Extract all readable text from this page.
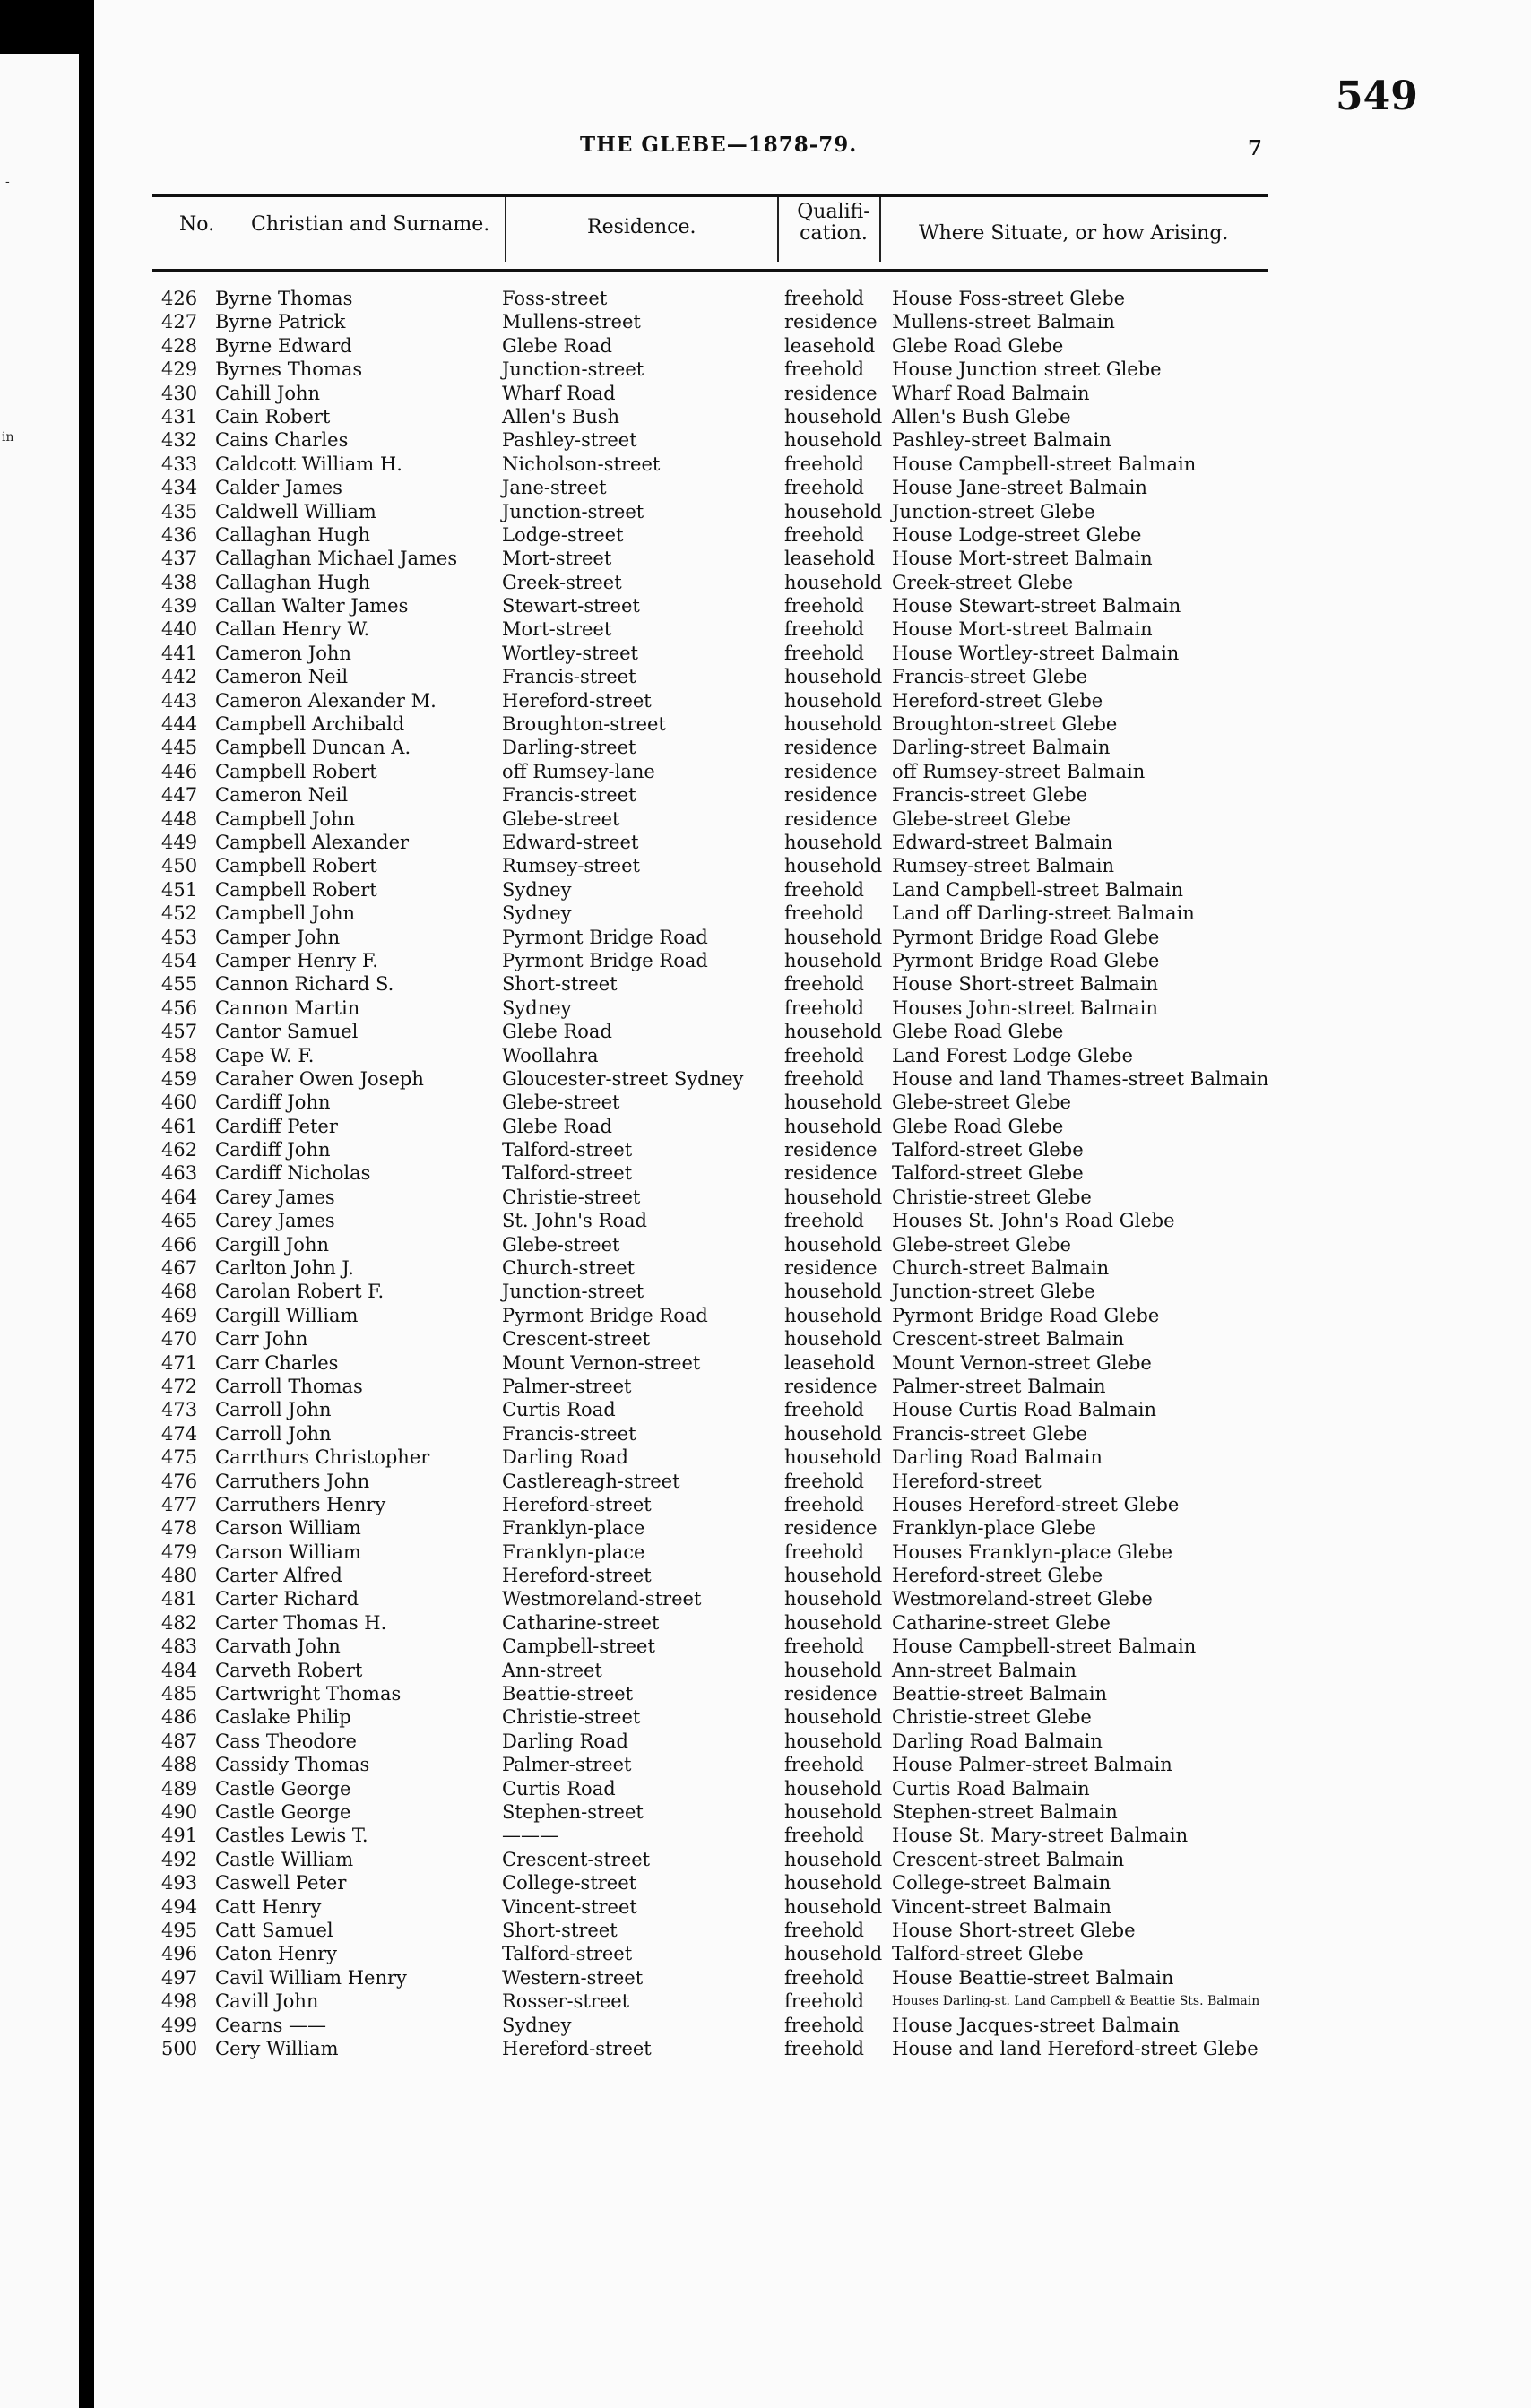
-
in
549
THE GLEBE—1878-79.	7
No. Christian and Surname.	Residence.
Qualifi-cation.	Where Situate, or how Arising.
426 Byrne Thomas	Foss-street	freehold House Foss-street Glebe
427 Byrne Patrick	Mullens-street	residence Mullens-street Balmain
428 Byrne Edward	Glebe Road	leasehold Glebe Road Glebe
429 Byrnes Thomas	Junction-street	freehold House Junction street Glebe
430 Cahill John	Wharf Road	residence Wharf Road Balmain
431 Cain Robert	Allen's Bush	household Allen's Bush Glebe
432 Cains Charles	Pashley-street	household Pashley-street Balmain
433 Caldcott William H.	Nicholson-street	freehold House Campbell-street Balmain
434 Calder James	Jane-street	freehold House Jane-street Balmain
435 Caldwell William	Junction-street	household Junction-street Glebe
436 Callaghan Hugh	Lodge-street	freehold House Lodge-street Glebe
437 Callaghan Michael James Mort-street	leasehold House Mort-street Balmain
438 Callaghan Hugh	Greek-street	household Greek-street Glebe
439 Callan Walter James	Stewart-street	freehold House Stewart-street Balmain
440 Callan Henry W.	Mort-street	freehold House Mort-street Balmain
441 Cameron John	Wortley-street	freehold House Wortley-street Balmain
442 Cameron Neil	Francis-street	household Francis-street Glebe
443 Cameron Alexander M.	Hereford-street	household Hereford-street Glebe
444 Campbell Archibald	Broughton-street	household Broughton-street Glebe
445 Campbell Duncan A.	Darling-street	residence Darling-street Balmain
446 Campbell Robert	off Rumsey-lane	residence off Rumsey-street Balmain
447 Cameron Neil	Francis-street	residence Francis-street Glebe
448 Campbell John	Glebe-street	residence Glebe-street Glebe
449 Campbell Alexander	Edward-street	household Edward-street Balmain
450 Campbell Robert	Rumsey-street	household Rumsey-street Balmain
451 Campbell Robert	Sydney	freehold Land Campbell-street Balmain
452 Campbell John	Sydney	freehold Land off Darling-street Balmain
453 Camper John	Pyrmont Bridge Road	household Pyrmont Bridge Road Glebe
454 Camper Henry F.	Pyrmont Bridge Road	household Pyrmont Bridge Road Glebe
455 Cannon Richard S.	Short-street	freehold House Short-street Balmain
456 Cannon Martin	Sydney	freehold Houses John-street Balmain
457 Cantor Samuel	Glebe Road	household Glebe Road Glebe
458 Cape W. F.	Woollahra	freehold Land Forest Lodge Glebe
459 Caraher Owen Joseph	Gloucester-street Sydney freehold House and land Thames-street Balmain
460 Cardiff John	Glebe-street	household Glebe-street Glebe
461 Cardiff Peter	Glebe Road	household Glebe Road Glebe
462 Cardiff John	Talford-street	residence Talford-street Glebe
463 Cardiff Nicholas	Talford-street	residence Talford-street Glebe
464 Carey James	Christie-street	household Christie-street Glebe
465 Carey James	St. John's Road	freehold Houses St. John's Road Glebe
466 Cargill John	Glebe-street	household Glebe-street Glebe
467 Carlton John J.	Church-street	residence Church-street Balmain
468 Carolan Robert F.	Junction-street	household Junction-street Glebe
469 Cargill William	Pyrmont Bridge Road	household Pyrmont Bridge Road Glebe
470 Carr John	Crescent-street	household Crescent-street Balmain
471 Carr Charles	Mount Vernon-street	leasehold Mount Vernon-street Glebe
472 Carroll Thomas	Palmer-street	residence Palmer-street Balmain
473 Carroll John	Curtis Road	freehold House Curtis Road Balmain
474 Carroll John	Francis-street	household Francis-street Glebe
475 Carrthurs Christopher	Darling Road	household Darling Road Balmain
476 Carruthers John	Castlereagh-street	freehold Hereford-street
477 Carruthers Henry	Hereford-street	freehold Houses Hereford-street Glebe
478 Carson William	Franklyn-place	residence Franklyn-place Glebe
479 Carson William	Franklyn-place	freehold Houses Franklyn-place Glebe
480 Carter Alfred	Hereford-street	household Hereford-street Glebe
481 Carter Richard	Westmoreland-street	household Westmoreland-street Glebe
482 Carter Thomas H.	Catharine-street	household Catharine-street Glebe
483 Carvath John	Campbell-street	freehold House Campbell-street Balmain
484 Carveth Robert	Ann-street	household Ann-street Balmain
485 Cartwright Thomas	Beattie-street	residence Beattie-street Balmain
486 Caslake Philip	Christie-street	household Christie-street Glebe
487 Cass Theodore	Darling Road	household Darling Road Balmain
488 Cassidy Thomas	Palmer-street	freehold House Palmer-street Balmain
489 Castle George	Curtis Road	household Curtis Road Balmain
490 Castle George	Stephen-street	household Stephen-street Balmain
491 Castles Lewis T.	———	freehold House St. Mary-street Balmain
492 Castle William	Crescent-street	household Crescent-street Balmain
493 Caswell Peter	College-street	household College-street Balmain
494 Catt Henry	Vincent-street	household Vincent-street Balmain
495 Catt Samuel	Short-street	freehold House Short-street Glebe
496 Caton Henry	Talford-street	household Talford-street Glebe
497 Cavil William Henry	Western-street	freehold House Beattie-street Balmain
498 Cavill John	Rosser-street	freehold Houses Darling-st. Land Campbell & Beattie Sts. Balmain
499 Cearns ——	Sydney	freehold House Jacques-street Balmain
500 Cery William	Hereford-street	freehold House and land Hereford-street Glebe
